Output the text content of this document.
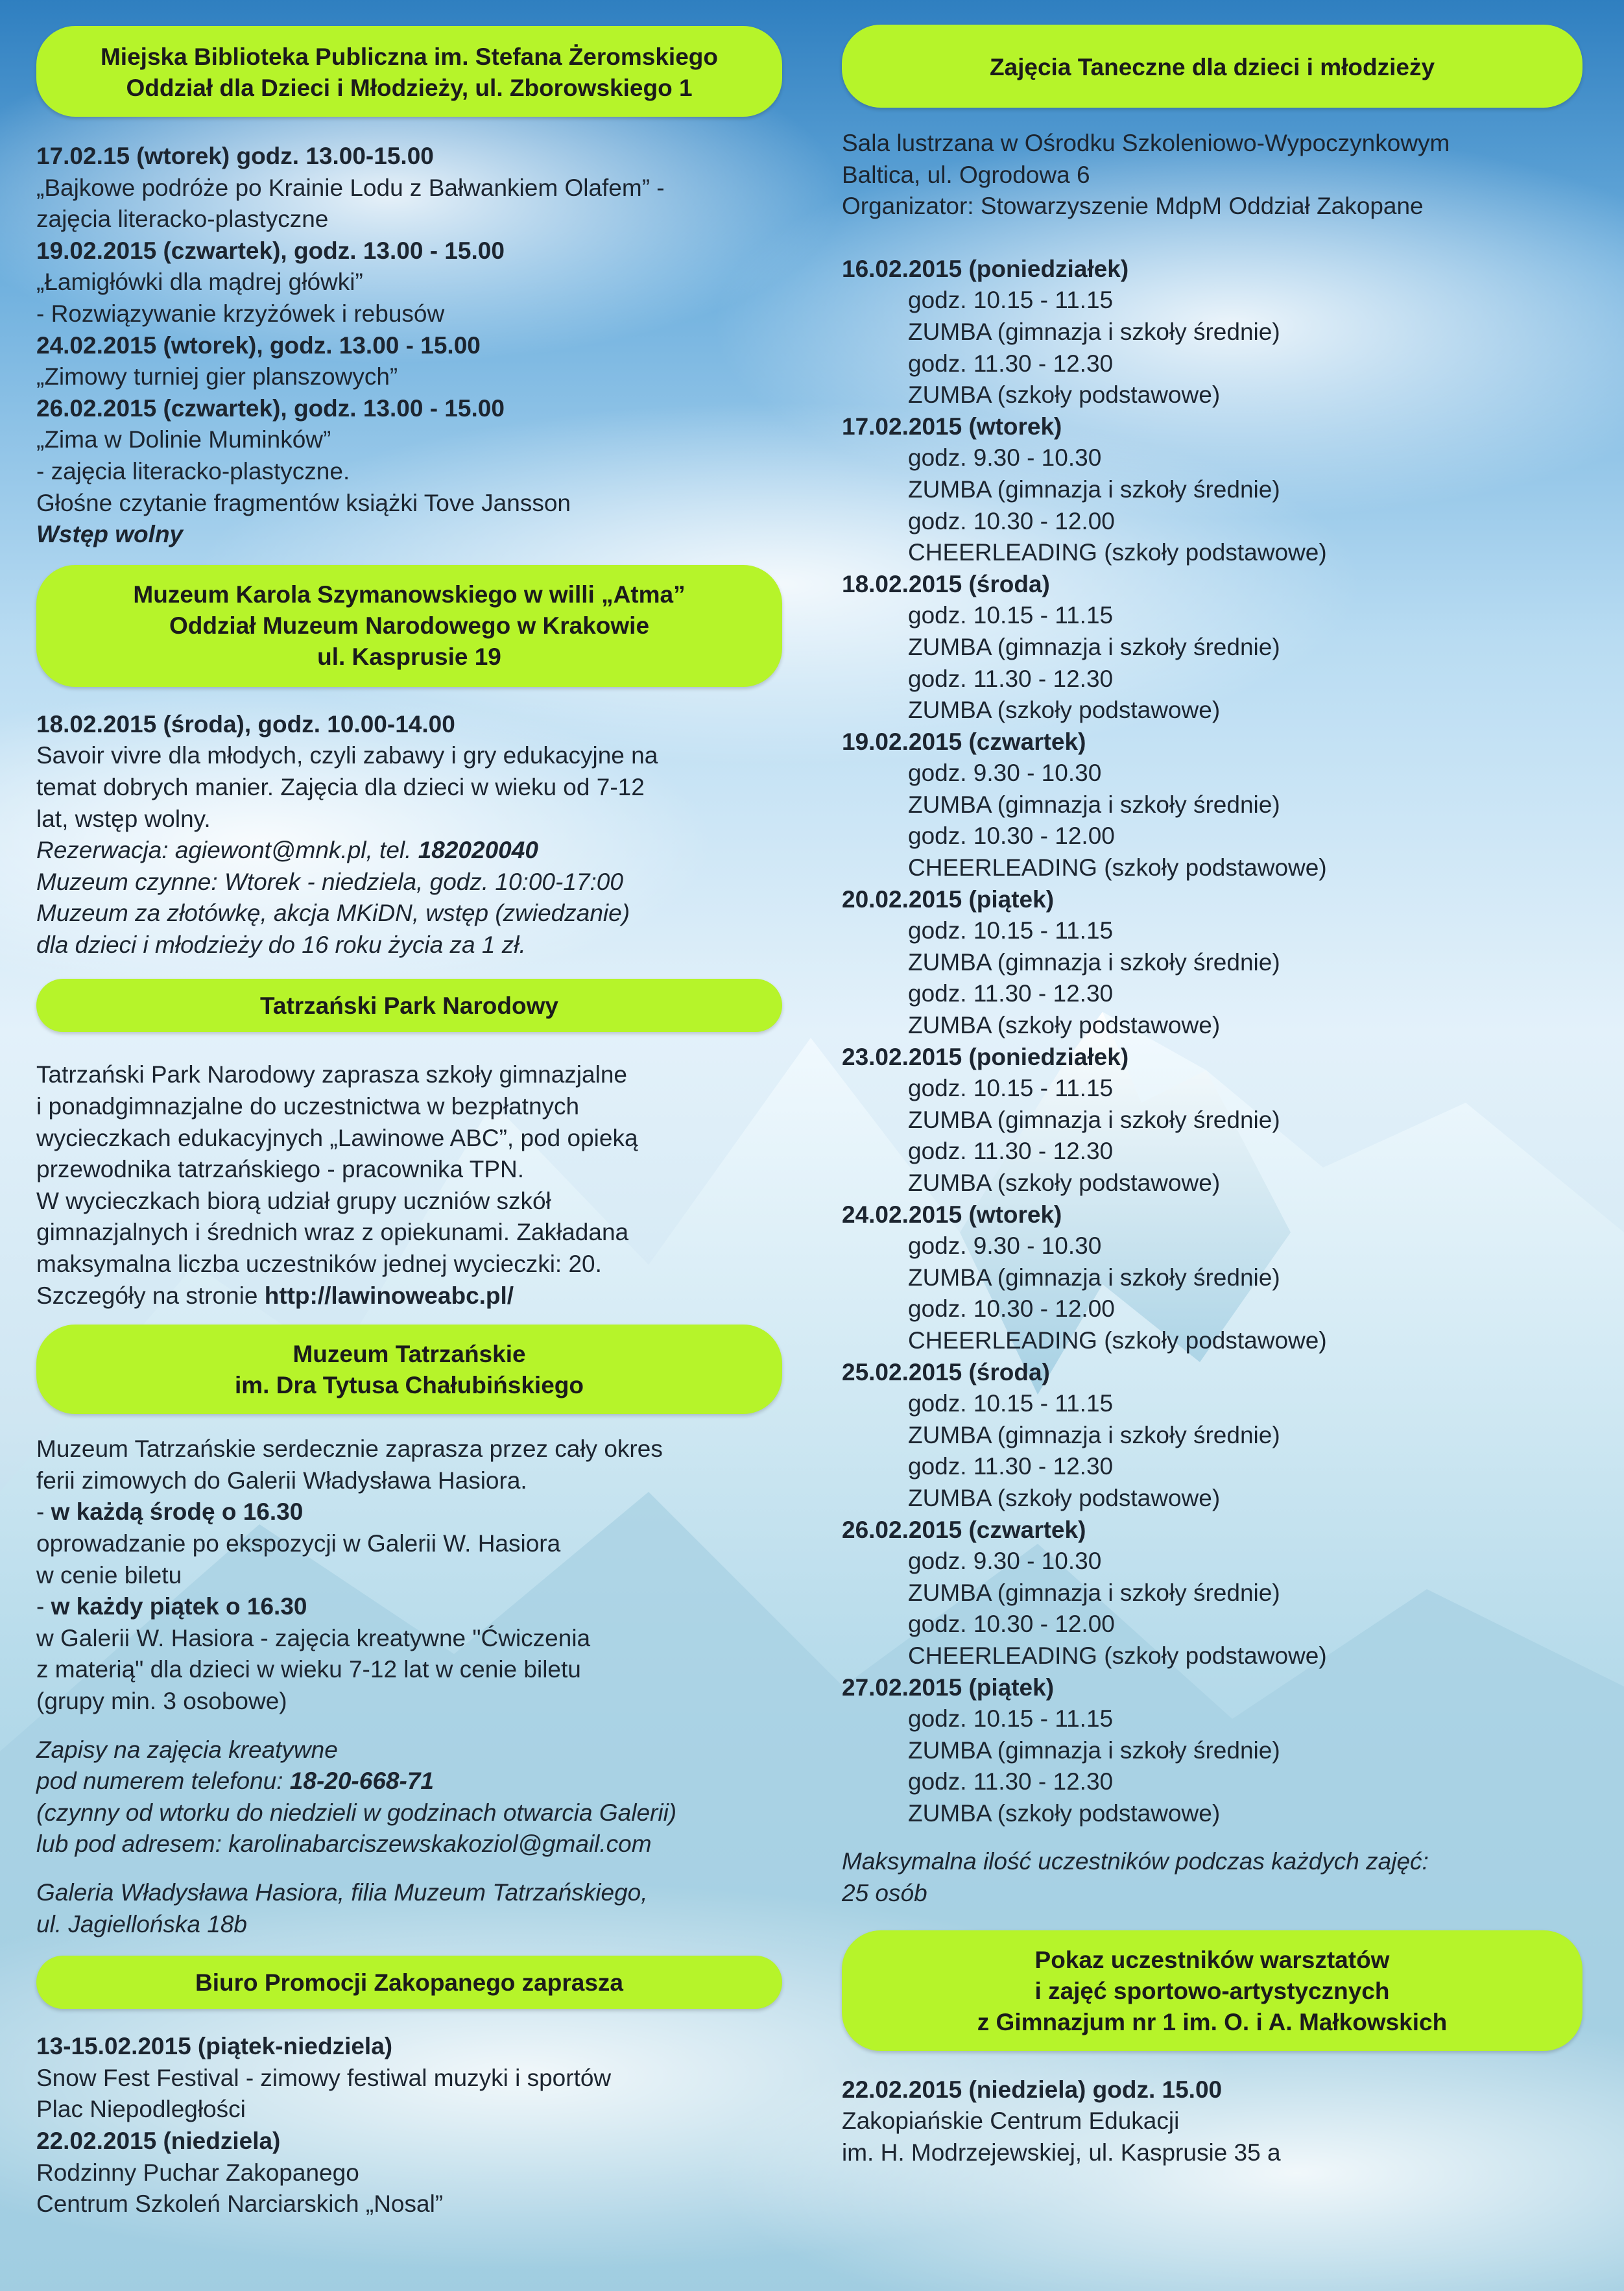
Miejska Biblioteka Publiczna im. Stefana Żeromskiego
Oddział dla Dzieci i Młodzieży, ul. Zborowskiego 1
17.02.15 (wtorek) godz. 13.00-15.00
„Bajkowe podróże po Krainie Lodu z Bałwankiem Olafem” -
zajęcia literacko-plastyczne
19.02.2015 (czwartek), godz. 13.00 - 15.00
„Łamigłówki dla mądrej główki”
- Rozwiązywanie krzyżówek i rebusów
24.02.2015 (wtorek), godz. 13.00 - 15.00
„Zimowy turniej gier planszowych”
26.02.2015 (czwartek), godz. 13.00 - 15.00
„Zima w Dolinie Muminków”
- zajęcia literacko-plastyczne.
Głośne czytanie fragmentów książki Tove Jansson
Wstęp wolny
Muzeum Karola Szymanowskiego w willi „Atma”
Oddział Muzeum Narodowego w Krakowie
ul. Kasprusie 19
18.02.2015 (środa), godz. 10.00-14.00
Savoir vivre dla młodych, czyli zabawy i gry edukacyjne na
temat dobrych manier. Zajęcia dla dzieci w wieku od 7-12
lat, wstęp wolny.
Rezerwacja: agiewont@mnk.pl, tel. 182020040
Muzeum czynne: Wtorek - niedziela, godz. 10:00-17:00
Muzeum za złotówkę, akcja MKiDN, wstęp (zwiedzanie)
dla dzieci i młodzieży do 16 roku życia za 1 zł.
Tatrzański Park Narodowy
Tatrzański Park Narodowy zaprasza szkoły gimnazjalne
i ponadgimnazjalne do uczestnictwa w bezpłatnych
wycieczkach edukacyjnych „Lawinowe ABC”, pod opieką
przewodnika tatrzańskiego - pracownika TPN.
W wycieczkach biorą udział grupy uczniów szkół
gimnazjalnych i średnich wraz z opiekunami. Zakładana
maksymalna liczba uczestników jednej wycieczki: 20.
Szczegóły na stronie http://lawinoweabc.pl/
Muzeum Tatrzańskie
im. Dra Tytusa Chałubińskiego
Muzeum Tatrzańskie serdecznie zaprasza przez cały okres
ferii zimowych do Galerii Władysława Hasiora.
- w każdą środę o 16.30
oprowadzanie po ekspozycji w Galerii W. Hasiora
w cenie biletu
- w każdy piątek o 16.30
w Galerii W. Hasiora - zajęcia kreatywne "Ćwiczenia
z materią" dla dzieci w wieku 7-12 lat w cenie biletu
(grupy min. 3 osobowe)
Zapisy na zajęcia kreatywne
pod numerem telefonu: 18-20-668-71
(czynny od wtorku do niedzieli w godzinach otwarcia Galerii)
lub pod adresem: karolinabarciszewskakoziol@gmail.com
Galeria Władysława Hasiora, filia Muzeum Tatrzańskiego,
ul. Jagiellońska 18b
Biuro Promocji Zakopanego zaprasza
13-15.02.2015 (piątek-niedziela)
Snow Fest Festival - zimowy festiwal muzyki i sportów
Plac Niepodległości
22.02.2015 (niedziela)
Rodzinny Puchar Zakopanego
Centrum Szkoleń Narciarskich „Nosal”
Zajęcia Taneczne dla dzieci i młodzieży
Sala lustrzana w Ośrodku Szkoleniowo-Wypoczynkowym
Baltica, ul. Ogrodowa 6
Organizator: Stowarzyszenie MdpM Oddział Zakopane
16.02.2015 (poniedziałek)
godz. 10.15 - 11.15
ZUMBA (gimnazja i szkoły średnie)
godz. 11.30 - 12.30
ZUMBA (szkoły podstawowe)
17.02.2015 (wtorek)
godz. 9.30 - 10.30
ZUMBA (gimnazja i szkoły średnie)
godz. 10.30 - 12.00
CHEERLEADING (szkoły podstawowe)
18.02.2015 (środa)
godz. 10.15 - 11.15
ZUMBA (gimnazja i szkoły średnie)
godz. 11.30 - 12.30
ZUMBA (szkoły podstawowe)
19.02.2015 (czwartek)
godz. 9.30 - 10.30
ZUMBA (gimnazja i szkoły średnie)
godz. 10.30 - 12.00
CHEERLEADING (szkoły podstawowe)
20.02.2015 (piątek)
godz. 10.15 - 11.15
ZUMBA (gimnazja i szkoły średnie)
godz. 11.30 - 12.30
ZUMBA (szkoły podstawowe)
23.02.2015 (poniedziałek)
godz. 10.15 - 11.15
ZUMBA (gimnazja i szkoły średnie)
godz. 11.30 - 12.30
ZUMBA (szkoły podstawowe)
24.02.2015 (wtorek)
godz. 9.30 - 10.30
ZUMBA (gimnazja i szkoły średnie)
godz. 10.30 - 12.00
CHEERLEADING (szkoły podstawowe)
25.02.2015 (środa)
godz. 10.15 - 11.15
ZUMBA (gimnazja i szkoły średnie)
godz. 11.30 - 12.30
ZUMBA (szkoły podstawowe)
26.02.2015 (czwartek)
godz. 9.30 - 10.30
ZUMBA (gimnazja i szkoły średnie)
godz. 10.30 - 12.00
CHEERLEADING (szkoły podstawowe)
27.02.2015 (piątek)
godz. 10.15 - 11.15
ZUMBA (gimnazja i szkoły średnie)
godz. 11.30 - 12.30
ZUMBA (szkoły podstawowe)
Maksymalna ilość uczestników podczas każdych zajęć:
25 osób
Pokaz uczestników warsztatów
i zajęć sportowo-artystycznych
z Gimnazjum nr 1 im. O. i A. Małkowskich
22.02.2015 (niedziela) godz. 15.00
Zakopiańskie Centrum Edukacji
im. H. Modrzejewskiej, ul. Kasprusie 35 a
